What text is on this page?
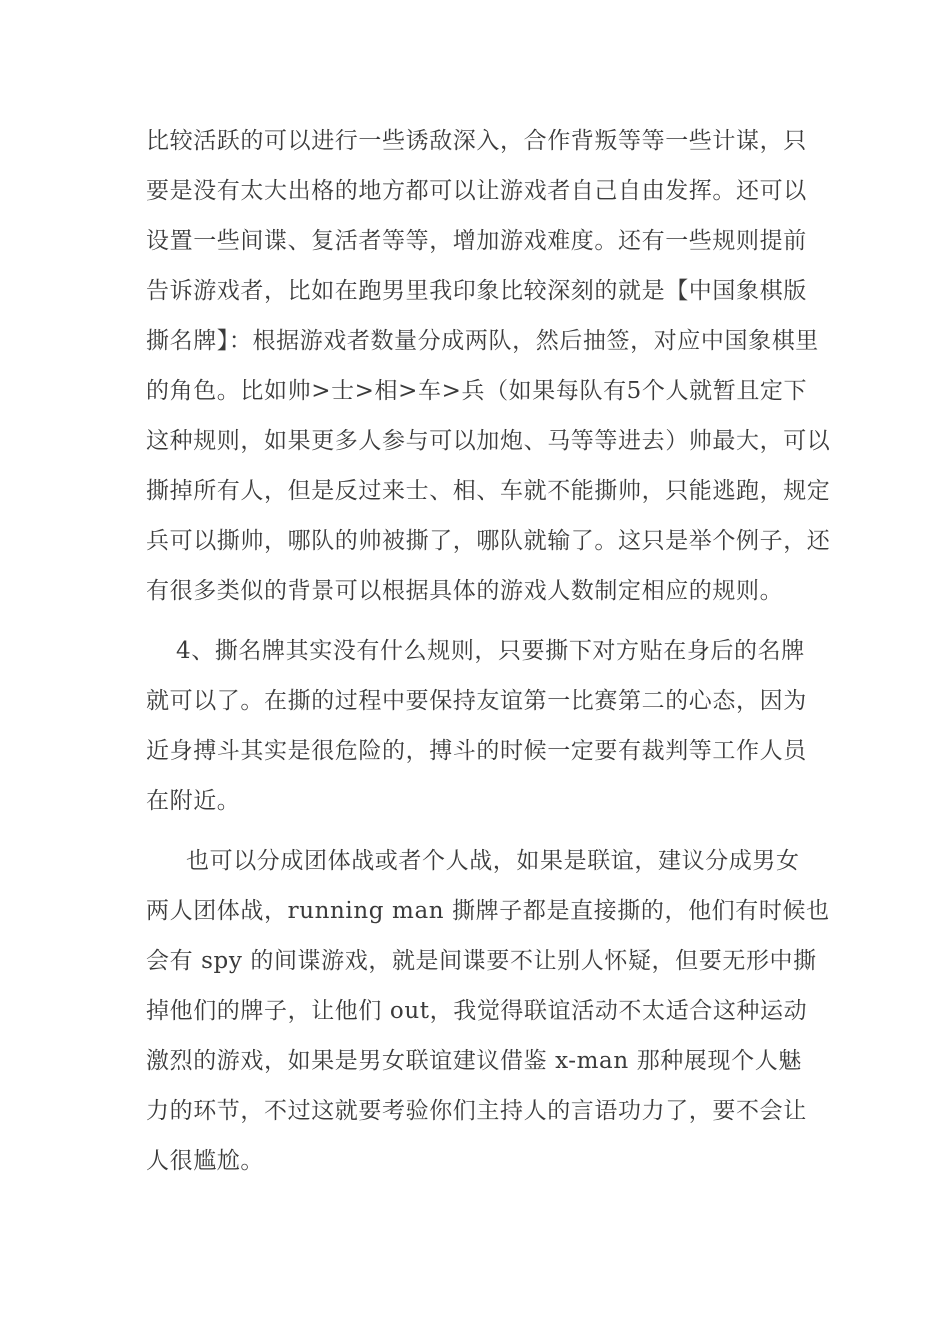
比较活跃的可以进行一些诱敌深入，合作背叛等等一些计谋，只
要是没有太大出格的地方都可以让游戏者自己自由发挥。还可以
设置一些间谍、复活者等等，增加游戏难度。还有一些规则提前
告诉游戏者，比如在跑男里我印象比较深刻的就是【中国象棋版
撕名牌】：根据游戏者数量分成两队，然后抽签，对应中国象棋里
的角色。比如帅>士>相>车>兵（如果每队有5个人就暂且定下
这种规则，如果更多人参与可以加炮、马等等进去）帅最大，可以
撕掉所有人，但是反过来士、相、车就不能撕帅，只能逃跑，规定
兵可以撕帅，哪队的帅被撕了，哪队就输了。这只是举个例子，还
有很多类似的背景可以根据具体的游戏人数制定相应的规则。
4、撕名牌其实没有什么规则，只要撕下对方贴在身后的名牌
就可以了。在撕的过程中要保持友谊第一比赛第二的心态，因为
近身搏斗其实是很危险的，搏斗的时候一定要有裁判等工作人员
在附近。
也可以分成团体战或者个人战，如果是联谊，建议分成男女
两人团体战，running man 撕牌子都是直接撕的，他们有时候也
会有 spy 的间谍游戏，就是间谍要不让别人怀疑，但要无形中撕
掉他们的牌子，让他们 out，我觉得联谊活动不太适合这种运动
激烈的游戏，如果是男女联谊建议借鉴 x-man 那种展现个人魅
力的环节，不过这就要考验你们主持人的言语功力了，要不会让
人很尴尬。
